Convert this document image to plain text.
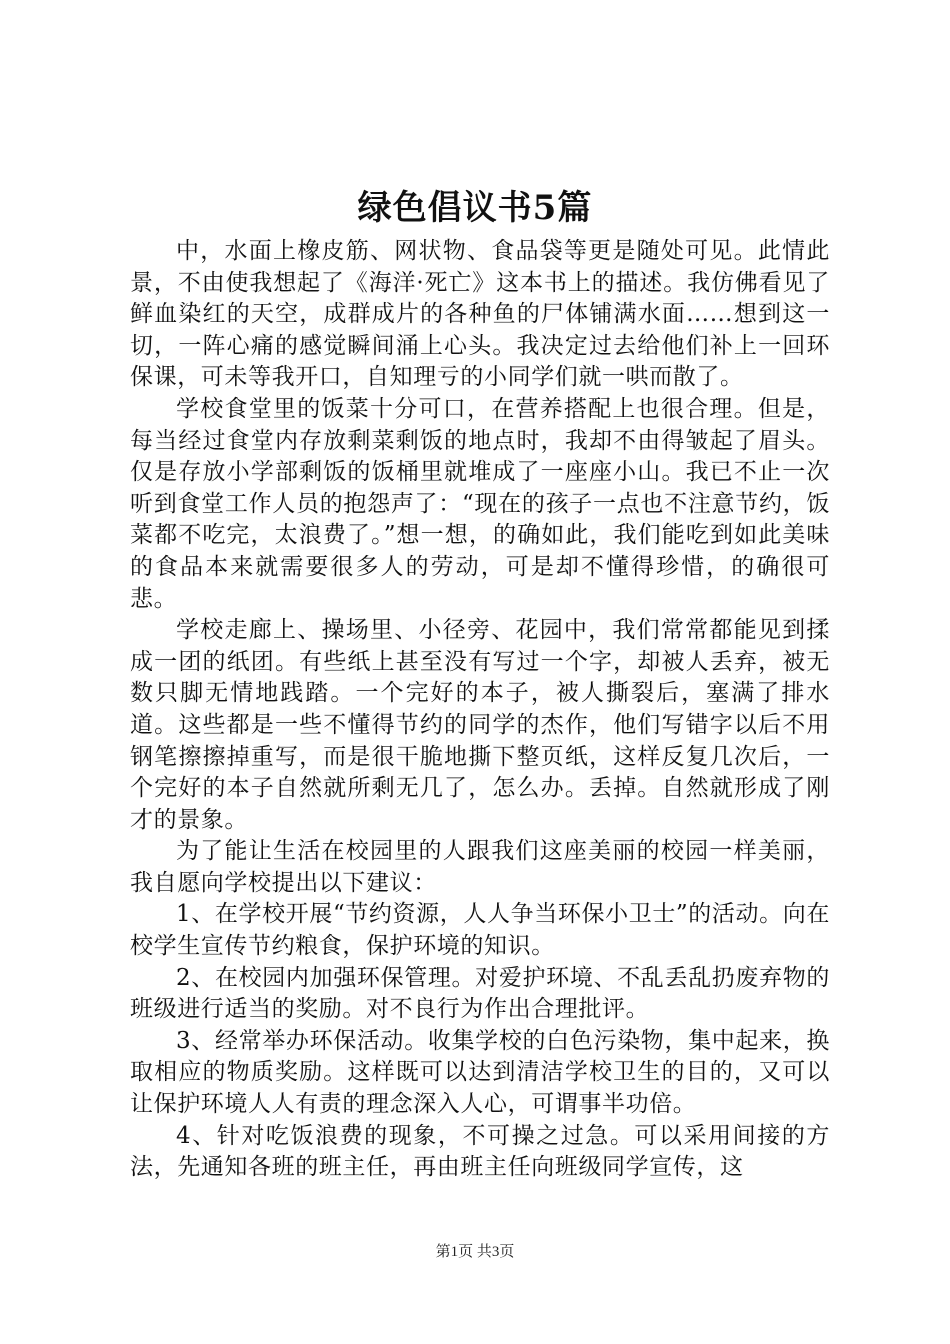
绿色倡议书5篇

中，水面上橡皮筋、网状物、食品袋等更是随处可见。此情此景，不由使我想起了《海洋·死亡》这本书上的描述。我仿佛看见了鲜血染红的天空，成群成片的各种鱼的尸体铺满水面……想到这一切，一阵心痛的感觉瞬间涌上心头。我决定过去给他们补上一回环保课，可未等我开口，自知理亏的小同学们就一哄而散了。

学校食堂里的饭菜十分可口，在营养搭配上也很合理。但是，每当经过食堂内存放剩菜剩饭的地点时，我却不由得皱起了眉头。仅是存放小学部剩饭的饭桶里就堆成了一座座小山。我已不止一次听到食堂工作人员的抱怨声了：“现在的孩子一点也不注意节约，饭菜都不吃完，太浪费了。”想一想，的确如此，我们能吃到如此美味的食品本来就需要很多人的劳动，可是却不懂得珍惜，的确很可悲。

学校走廊上、操场里、小径旁、花园中，我们常常都能见到揉成一团的纸团。有些纸上甚至没有写过一个字，却被人丢弃，被无数只脚无情地践踏。一个完好的本子，被人撕裂后，塞满了排水道。这些都是一些不懂得节约的同学的杰作，他们写错字以后不用钢笔擦擦掉重写，而是很干脆地撕下整页纸，这样反复几次后，一个完好的本子自然就所剩无几了，怎么办。丢掉。自然就形成了刚才的景象。

为了能让生活在校园里的人跟我们这座美丽的校园一样美丽，我自愿向学校提出以下建议：

1、在学校开展“节约资源，人人争当环保小卫士”的活动。向在校学生宣传节约粮食，保护环境的知识。

2、在校园内加强环保管理。对爱护环境、不乱丢乱扔废弃物的班级进行适当的奖励。对不良行为作出合理批评。

3、经常举办环保活动。收集学校的白色污染物，集中起来，换取相应的物质奖励。这样既可以达到清洁学校卫生的目的，又可以让保护环境人人有责的理念深入人心，可谓事半功倍。

4、针对吃饭浪费的现象，不可操之过急。可以采用间接的方法，先通知各班的班主任，再由班主任向班级同学宣传，这

第1页 共3页
